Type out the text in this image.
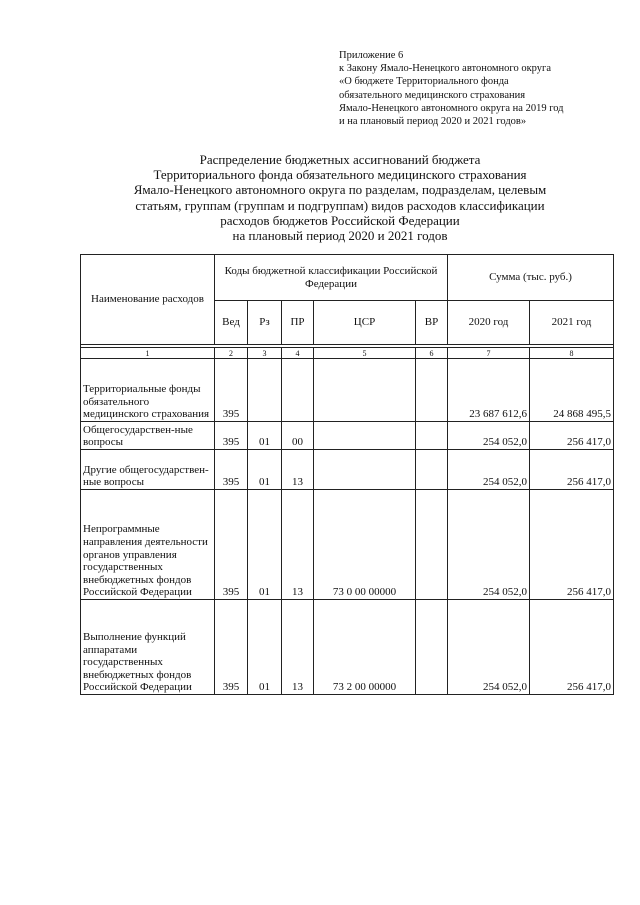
Приложение 6
к Закону Ямало-Ненецкого автономного округа
«О бюджете Территориального фонда
обязательного медицинского страхования
Ямало-Ненецкого автономного округа на 2019 год
и на плановый период 2020 и 2021 годов»
Распределение бюджетных ассигнований бюджета
Территориального фонда обязательного медицинского страхования
Ямало-Ненецкого автономного округа по разделам, подразделам, целевым
статьям, группам (группам и подгруппам) видов расходов классификации
расходов бюджетов Российской Федерации
на плановый период 2020 и 2021 годов
Наименование расходов	Коды бюджетной классификации Российской Федерации					Сумма (тыс. руб.)	
	Вед	Рз	ПР	ЦСР	ВР	2020 год	2021 год

1	2	3	4	5	6	7	8
Территориальные фонды обязательного медицинского страхования	395					23 687 612,6	24 868 495,5
Общегосударствен-ные вопросы	395	01	00			254 052,0	256 417,0
Другие общегосударствен-ные вопросы	395	01	13			254 052,0	256 417,0
Непрограммные направления деятельности органов управления государственных внебюджетных фондов Российской Федерации	395	01	13	73 0 00 00000		254 052,0	256 417,0
Выполнение функций аппаратами государственных внебюджетных фондов Российской Федерации	395	01	13	73 2 00 00000		254 052,0	256 417,0
